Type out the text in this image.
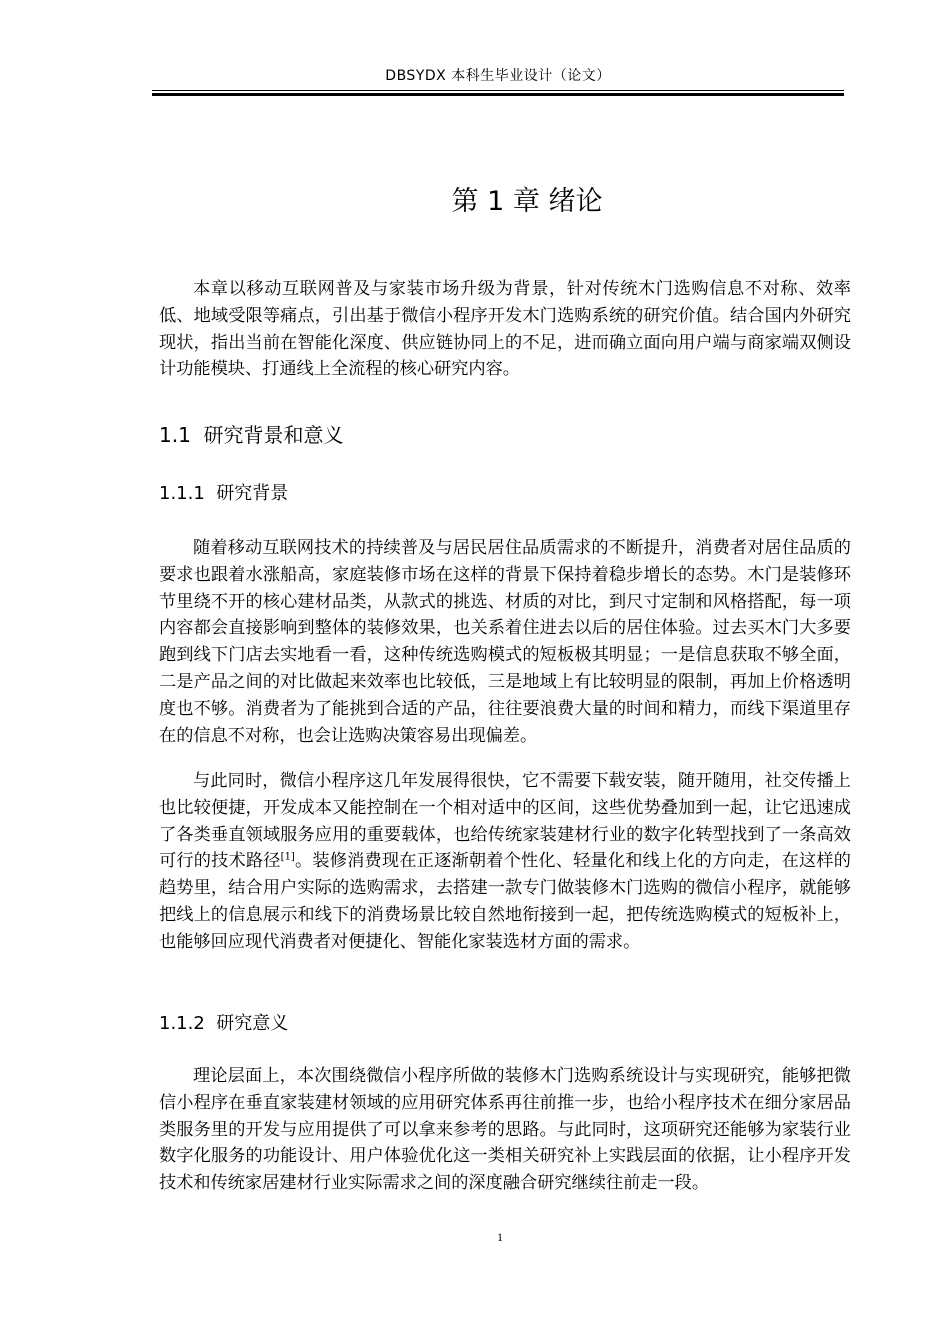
DBSYDX 本科生毕业设计（论文）
第 1 章 绪论

本章以移动互联网普及与家装市场升级为背景，针对传统木门选购信息不对称、效率低、地域受限等痛点，引出基于微信小程序开发木门选购系统的研究价值。结合国内外研究现状，指出当前在智能化深度、供应链协同上的不足，进而确立面向用户端与商家端双侧设计功能模块、打通线上全流程的核心研究内容。

1.1  研究背景和意义
1.1.1  研究背景

随着移动互联网技术的持续普及与居民居住品质需求的不断提升，消费者对居住品质的要求也跟着水涨船高，家庭装修市场在这样的背景下保持着稳步增长的态势。木门是装修环节里绕不开的核心建材品类，从款式的挑选、材质的对比，到尺寸定制和风格搭配，每一项内容都会直接影响到整体的装修效果，也关系着住进去以后的居住体验。过去买木门大多要跑到线下门店去实地看一看，这种传统选购模式的短板极其明显；一是信息获取不够全面，二是产品之间的对比做起来效率也比较低，三是地域上有比较明显的限制，再加上价格透明度也不够。消费者为了能挑到合适的产品，往往要浪费大量的时间和精力，而线下渠道里存在的信息不对称，也会让选购决策容易出现偏差。

与此同时，微信小程序这几年发展得很快，它不需要下载安装，随开随用，社交传播上也比较便捷，开发成本又能控制在一个相对适中的区间，这些优势叠加到一起，让它迅速成了各类垂直领域服务应用的重要载体，也给传统家装建材行业的数字化转型找到了一条高效可行的技术路径[1]。装修消费现在正逐渐朝着个性化、轻量化和线上化的方向走，在这样的趋势里，结合用户实际的选购需求，去搭建一款专门做装修木门选购的微信小程序，就能够把线上的信息展示和线下的消费场景比较自然地衔接到一起，把传统选购模式的短板补上，也能够回应现代消费者对便捷化、智能化家装选材方面的需求。

1.1.2  研究意义

理论层面上，本次围绕微信小程序所做的装修木门选购系统设计与实现研究，能够把微信小程序在垂直家装建材领域的应用研究体系再往前推一步，也给小程序技术在细分家居品类服务里的开发与应用提供了可以拿来参考的思路。与此同时，这项研究还能够为家装行业数字化服务的功能设计、用户体验优化这一类相关研究补上实践层面的依据，让小程序开发技术和传统家居建材行业实际需求之间的深度融合研究继续往前走一段。

1
